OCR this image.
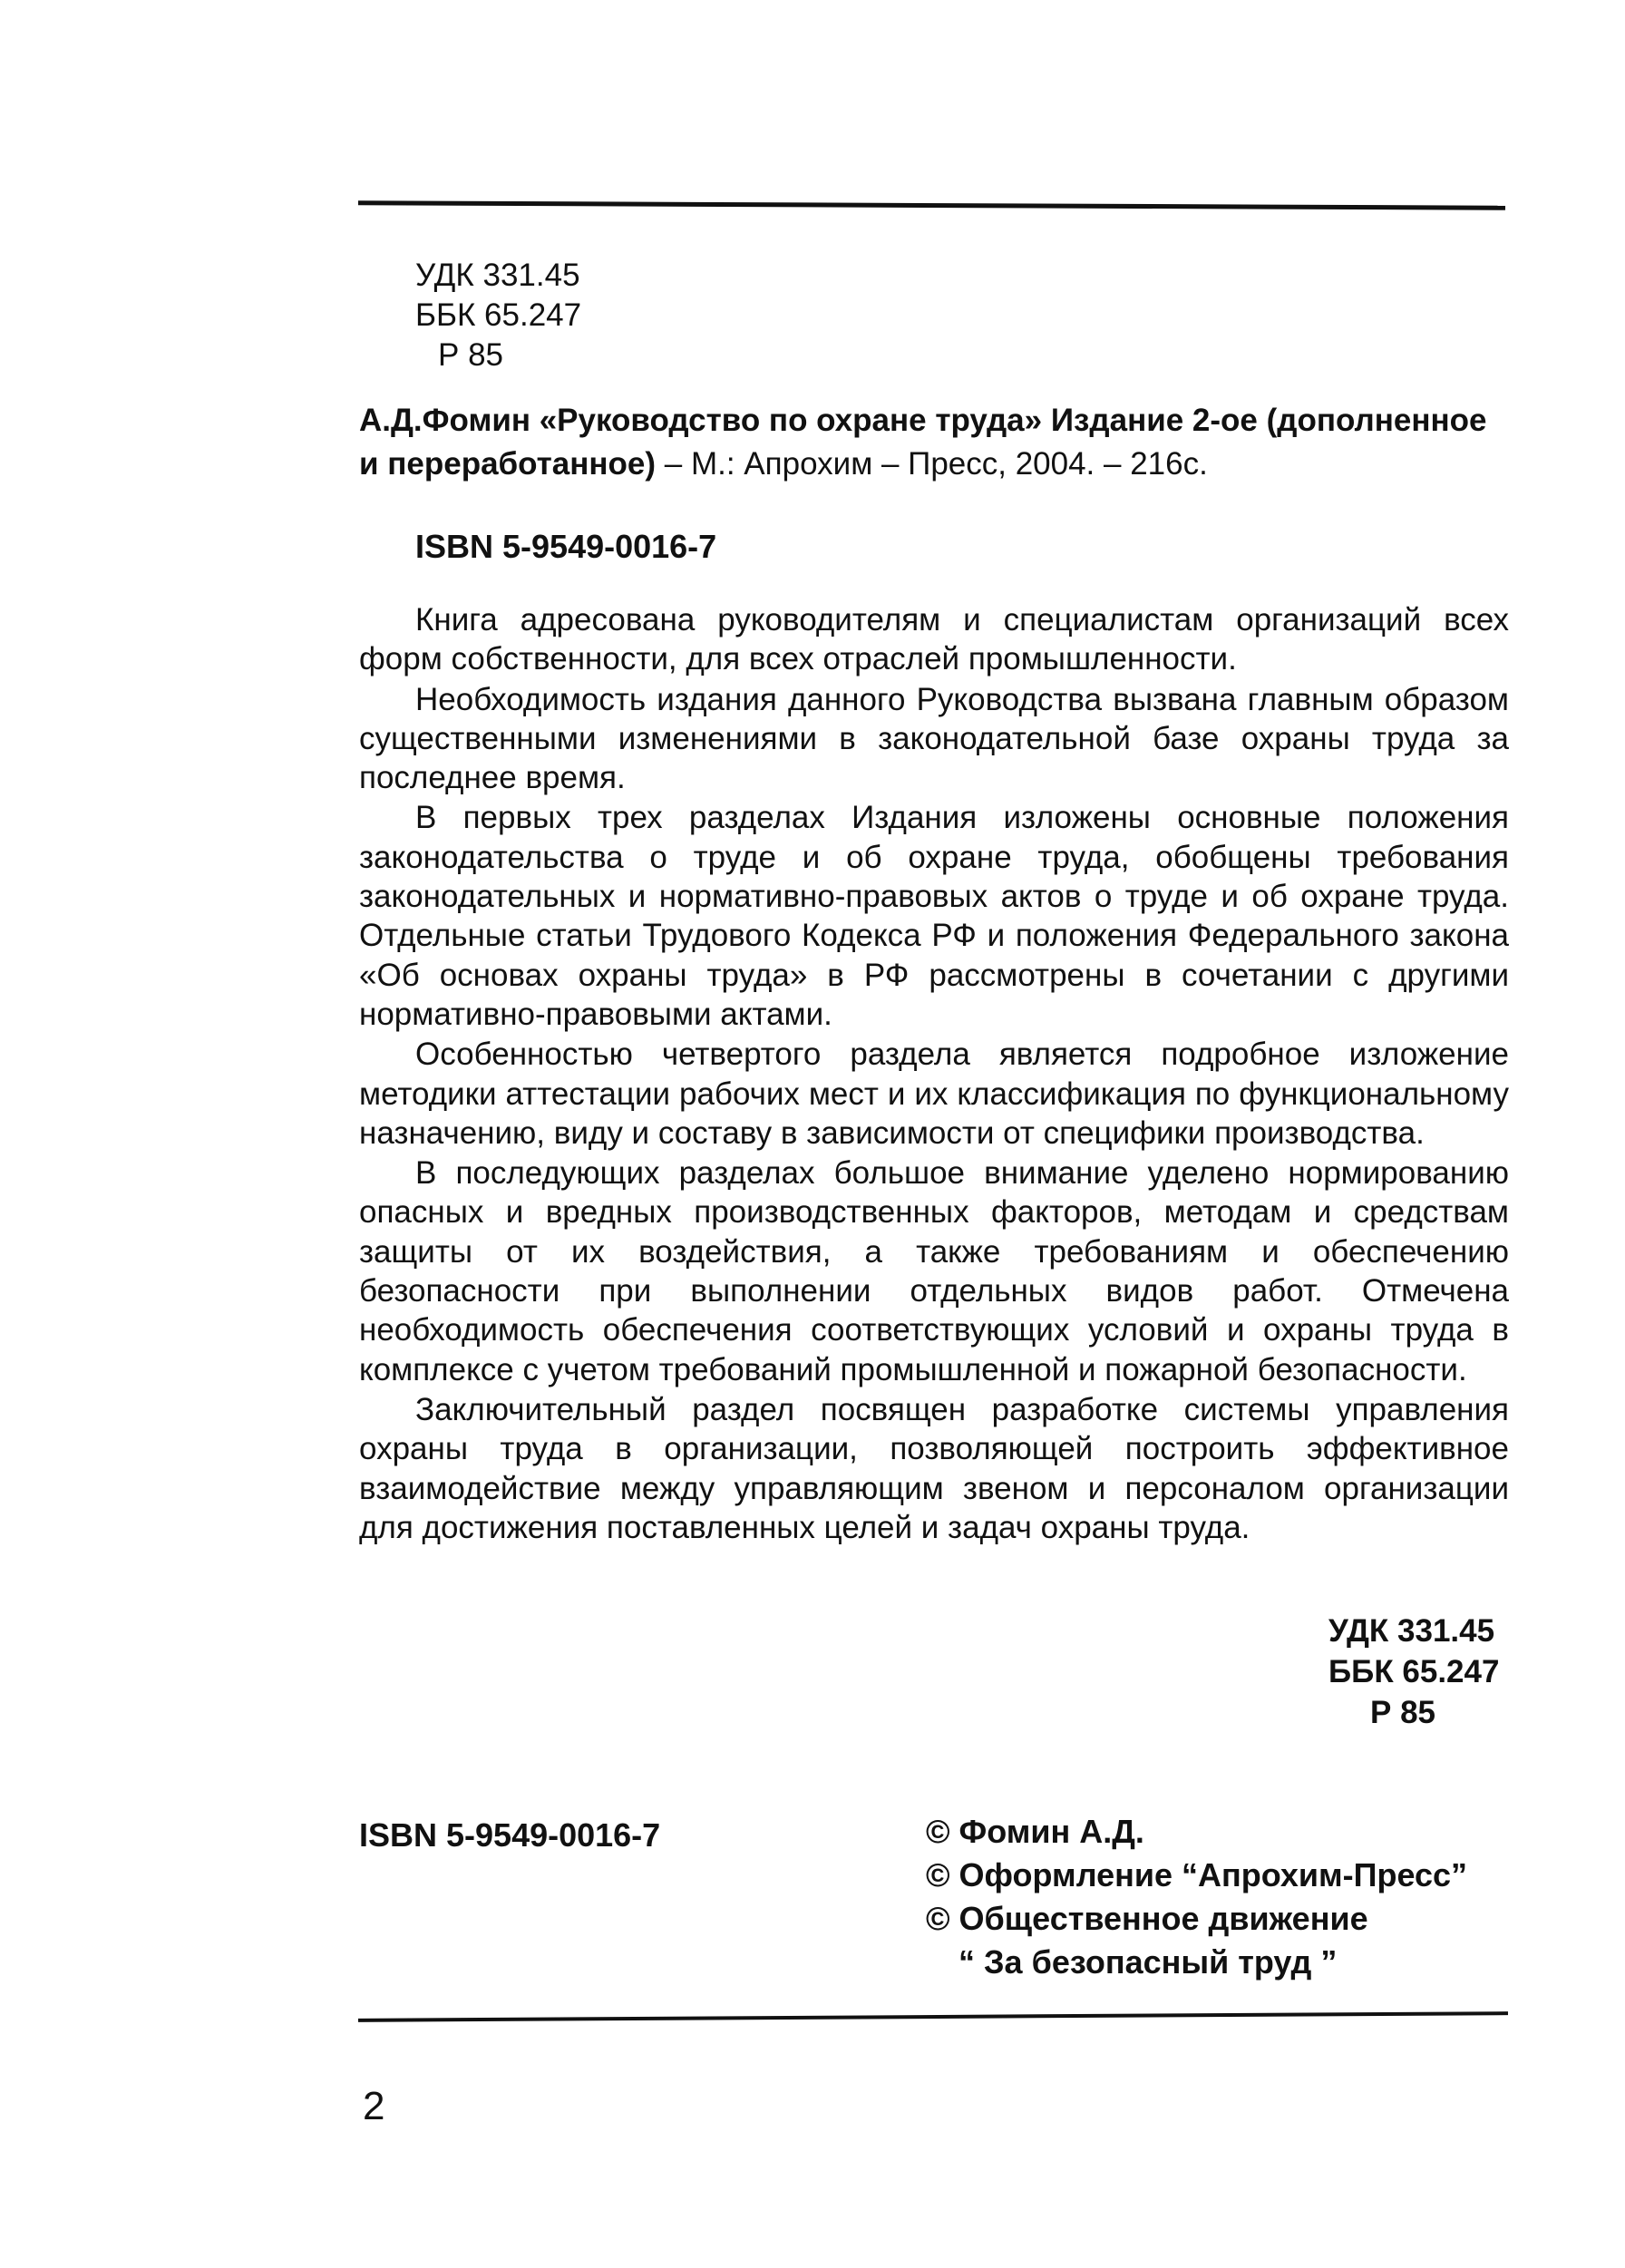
УДК 331.45
ББК 65.247
Р 85
А.Д.Фомин «Руководство по охране труда» Издание 2-ое (дополненное и переработанное) – М.: Апрохим – Пресс, 2004. – 216с.
ISBN 5-9549-0016-7

Книга адресована руководителям и специалистам организаций всех форм собственности, для всех отраслей промышленности.

Необходимость издания данного Руководства вызвана главным образом существенными изменениями в законодательной базе охраны труда за последнее время.

В первых трех разделах Издания изложены основные положения законодательства о труде и об охране труда, обобщены требования законодательных и нормативно-правовых актов о труде и об охране труда. Отдельные статьи Трудового Кодекса РФ и положения Федерального закона «Об основах охраны труда» в РФ рассмотрены в сочетании с другими нормативно-правовыми актами.

Особенностью четвертого раздела является подробное изложение методики аттестации рабочих мест и их классификация по функциональному назначению, виду и составу в зависимости от специфики производства.

В последующих разделах большое внимание уделено нормированию опасных и вредных производственных факторов, методам и средствам защиты от их воздействия, а также требованиям и обеспечению безопасности при выполнении отдельных видов работ. Отмечена необходимость обеспечения соответствующих условий и охраны труда в комплексе с учетом требований промышленной и пожарной безопасности.

Заключительный раздел посвящен разработке системы управления охраны труда в организации, позволяющей построить эффективное взаимодействие между управляющим звеном и персоналом организации для достижения поставленных целей и задач охраны труда.

УДК 331.45
ББК 65.247
Р 85
ISBN 5-9549-0016-7	© Фомин А.Д.
© Оформление “Апрохим-Пресс”
© Общественное движение
“ За безопасный труд ”
2
